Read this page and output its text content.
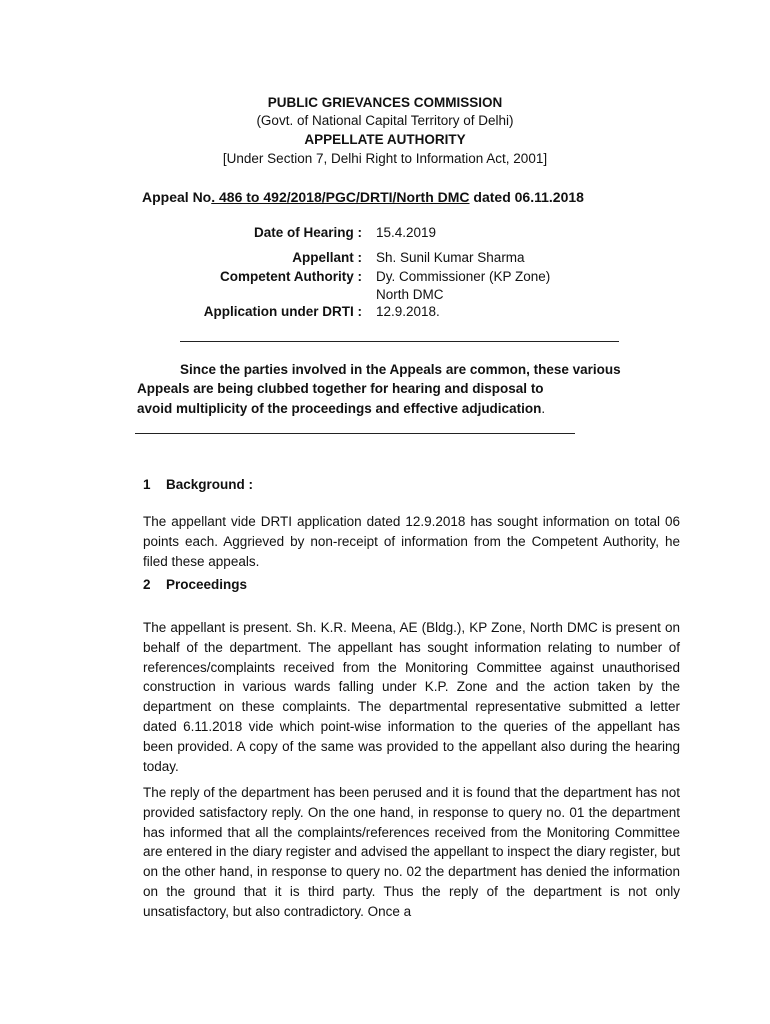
PUBLIC GRIEVANCES COMMISSION
(Govt. of National Capital Territory of Delhi)
APPELLATE AUTHORITY
[Under Section 7, Delhi Right to Information Act, 2001]
Appeal No. 486 to 492/2018/PGC/DRTI/North DMC dated 06.11.2018
Date of Hearing : 15.4.2019
Appellant : Sh. Sunil Kumar Sharma
Competent Authority : Dy. Commissioner (KP Zone)
North DMC
Application under DRTI : 12.9.2018.
Since the parties involved in the Appeals are common, these various
Appeals are being clubbed together for hearing and disposal to
avoid multiplicity of the proceedings and effective adjudication.
1 Background :
The appellant vide DRTI application dated 12.9.2018 has sought information on total 06 points each. Aggrieved by non-receipt of information from the Competent Authority, he filed these appeals.
2 Proceedings
The appellant is present. Sh. K.R. Meena, AE (Bldg.), KP Zone, North DMC is present on behalf of the department. The appellant has sought information relating to number of references/complaints received from the Monitoring Committee against unauthorised construction in various wards falling under K.P. Zone and the action taken by the department on these complaints. The departmental representative submitted a letter dated 6.11.2018 vide which point-wise information to the queries of the appellant has been provided. A copy of the same was provided to the appellant also during the hearing today.
The reply of the department has been perused and it is found that the department has not provided satisfactory reply. On the one hand, in response to query no. 01 the department has informed that all the complaints/references received from the Monitoring Committee are entered in the diary register and advised the appellant to inspect the diary register, but on the other hand, in response to query no. 02 the department has denied the information on the ground that it is third party. Thus the reply of the department is not only unsatisfactory, but also contradictory. Once a
